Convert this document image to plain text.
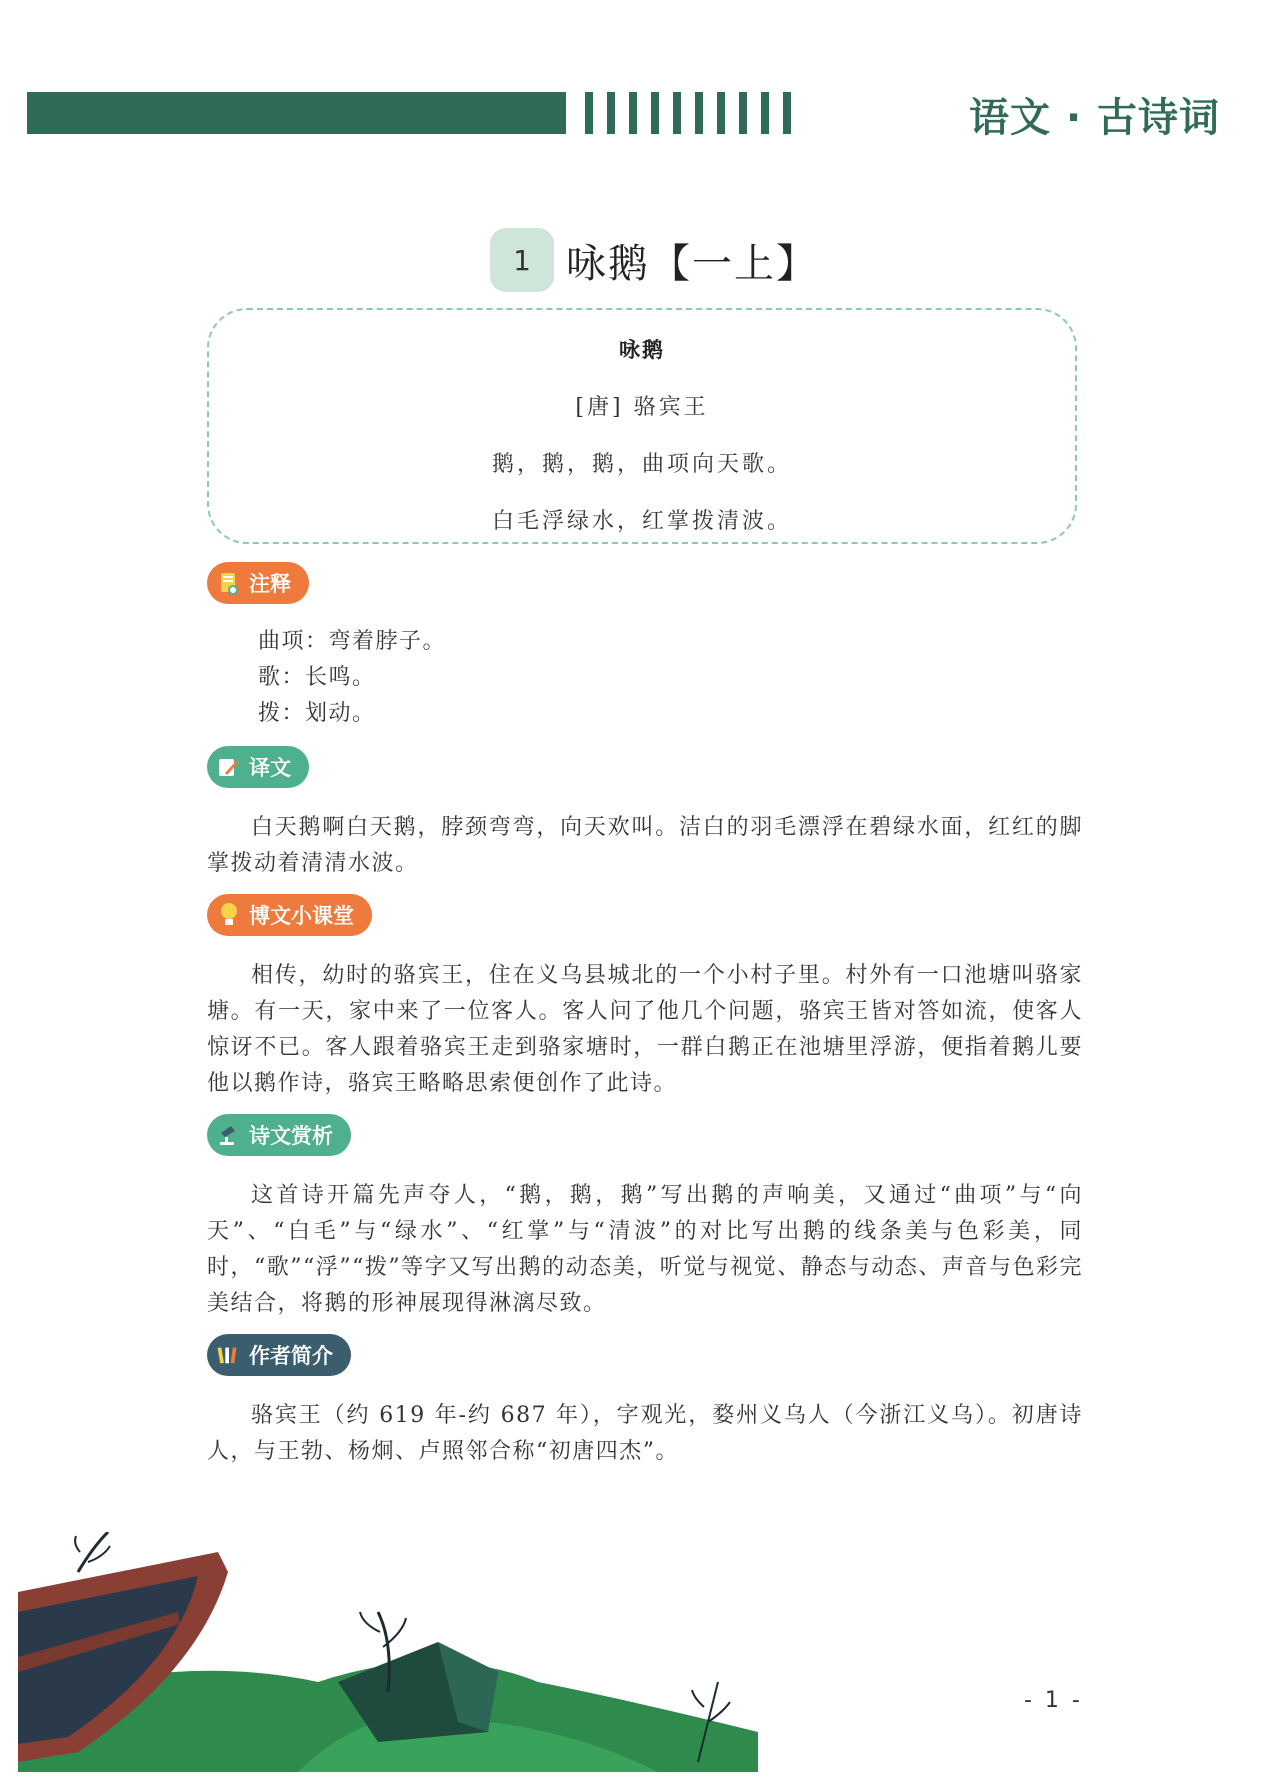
语文 · 古诗词
1 咏鹅【一上】
咏鹅
[唐] 骆宾王
鹅，鹅，鹅，曲项向天歌。
白毛浮绿水，红掌拨清波。
注释
曲项：弯着脖子。
歌：长鸣。
拨：划动。
译文
白天鹅啊白天鹅，脖颈弯弯，向天欢叫。洁白的羽毛漂浮在碧绿水面，红红的脚掌拨动着清清水波。
博文小课堂
相传，幼时的骆宾王，住在义乌县城北的一个小村子里。村外有一口池塘叫骆家塘。有一天，家中来了一位客人。客人问了他几个问题，骆宾王皆对答如流，使客人惊讶不已。客人跟着骆宾王走到骆家塘时，一群白鹅正在池塘里浮游，便指着鹅儿要他以鹅作诗，骆宾王略略思索便创作了此诗。
诗文赏析
这首诗开篇先声夺人，“鹅，鹅，鹅”写出鹅的声响美，又通过“曲项”与“向天”、“白毛”与“绿水”、“红掌”与“清波”的对比写出鹅的线条美与色彩美，同时，“歌”“浮”“拨”等字又写出鹅的动态美，听觉与视觉、静态与动态、声音与色彩完美结合，将鹅的形神展现得淋漓尽致。
作者简介
骆宾王（约 619 年-约 687 年），字观光，婺州义乌人（今浙江义乌）。初唐诗人，与王勃、杨炯、卢照邻合称“初唐四杰”。
- 1 -
